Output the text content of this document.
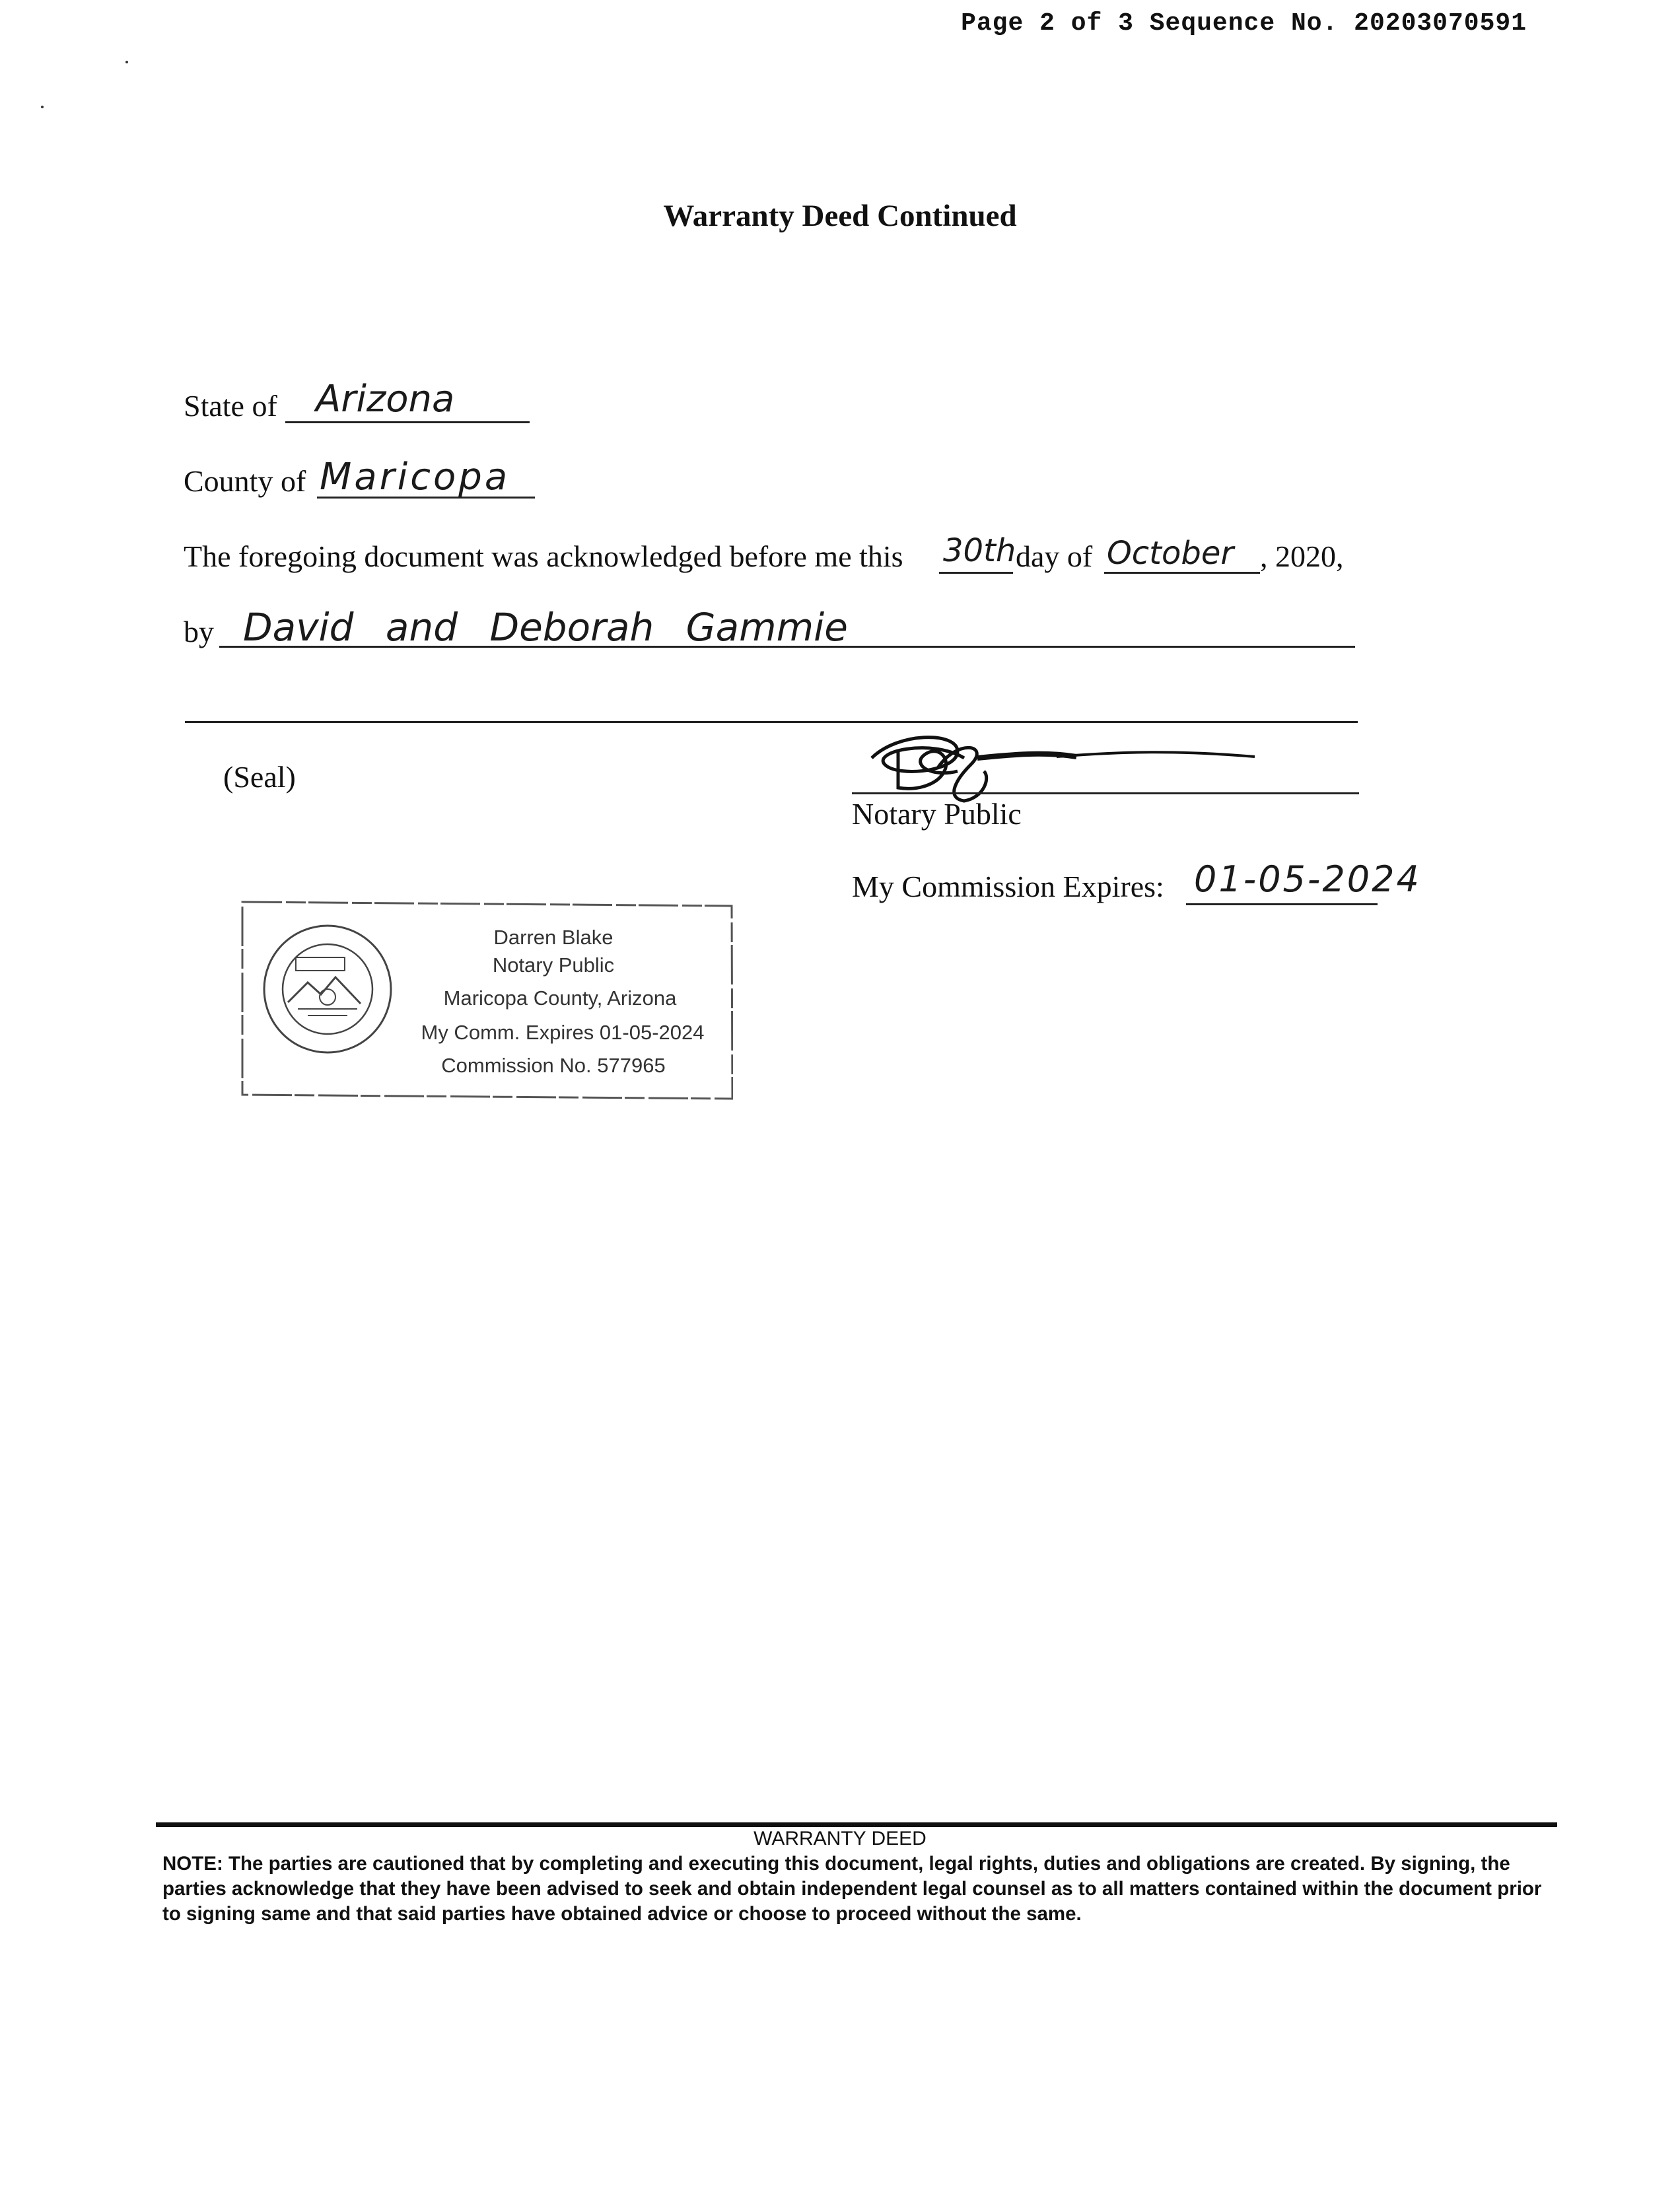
Page 2 of 3 Sequence No. 20203070591
Warranty Deed Continued
State of Arizona
County of Maricopa
The foregoing document was acknowledged before me this 30th day of October , 2020,
by David and Deborah Gammie
(Seal)
Notary Public
My Commission Expires: 01-05-2024
Darren Blake
Notary Public
Maricopa County, Arizona
My Comm. Expires 01-05-2024
Commission No. 577965
WARRANTY DEED
NOTE: The parties are cautioned that by completing and executing this document, legal rights, duties and obligations are created. By signing, the parties acknowledge that they have been advised to seek and obtain independent legal counsel as to all matters contained within the document prior to signing same and that said parties have obtained advice or choose to proceed without the same.
